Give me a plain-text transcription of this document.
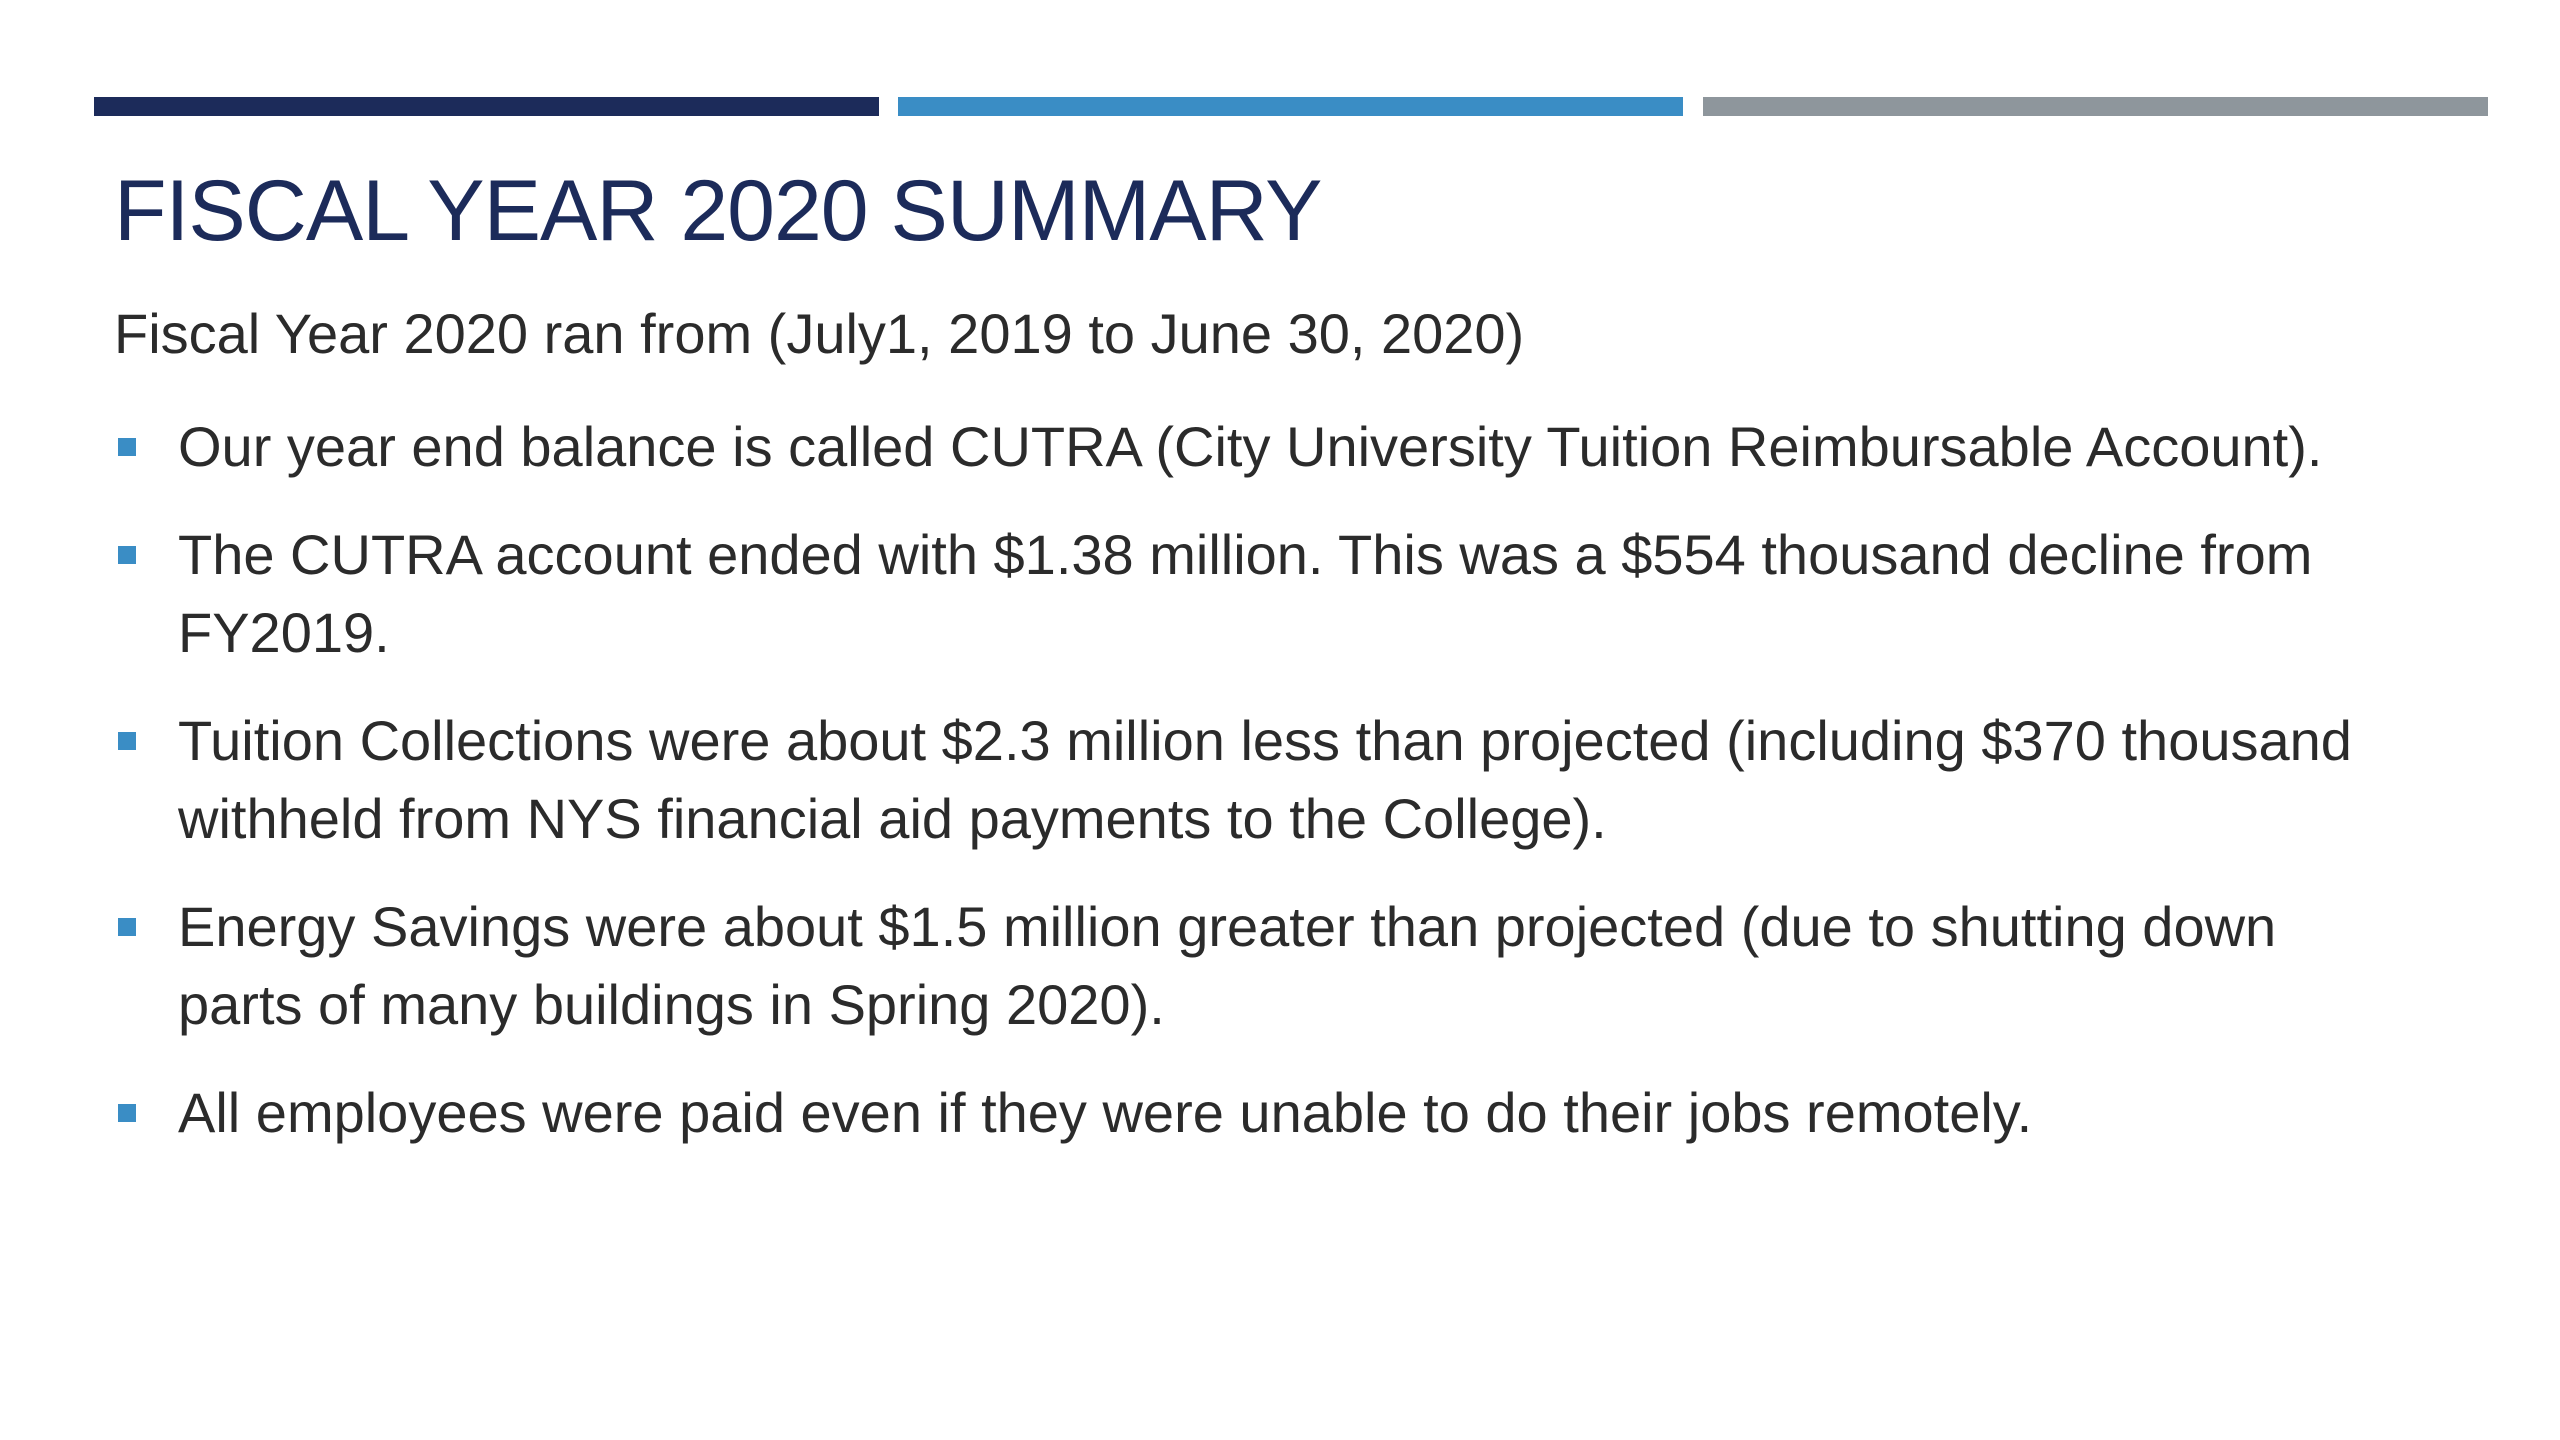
FISCAL YEAR 2020 SUMMARY

Fiscal Year 2020 ran from (July1, 2019 to June 30, 2020)

Our year end balance is called CUTRA (City University Tuition Reimbursable Account).
The CUTRA account ended with $1.38 million. This was a $554 thousand decline from FY2019.
Tuition Collections were about $2.3 million less than projected (including $370 thousand withheld from NYS financial aid payments to the College).
Energy Savings were about $1.5 million greater than projected (due to shutting down parts of many buildings in Spring 2020).
All employees were paid even if they were unable to do their jobs remotely.
